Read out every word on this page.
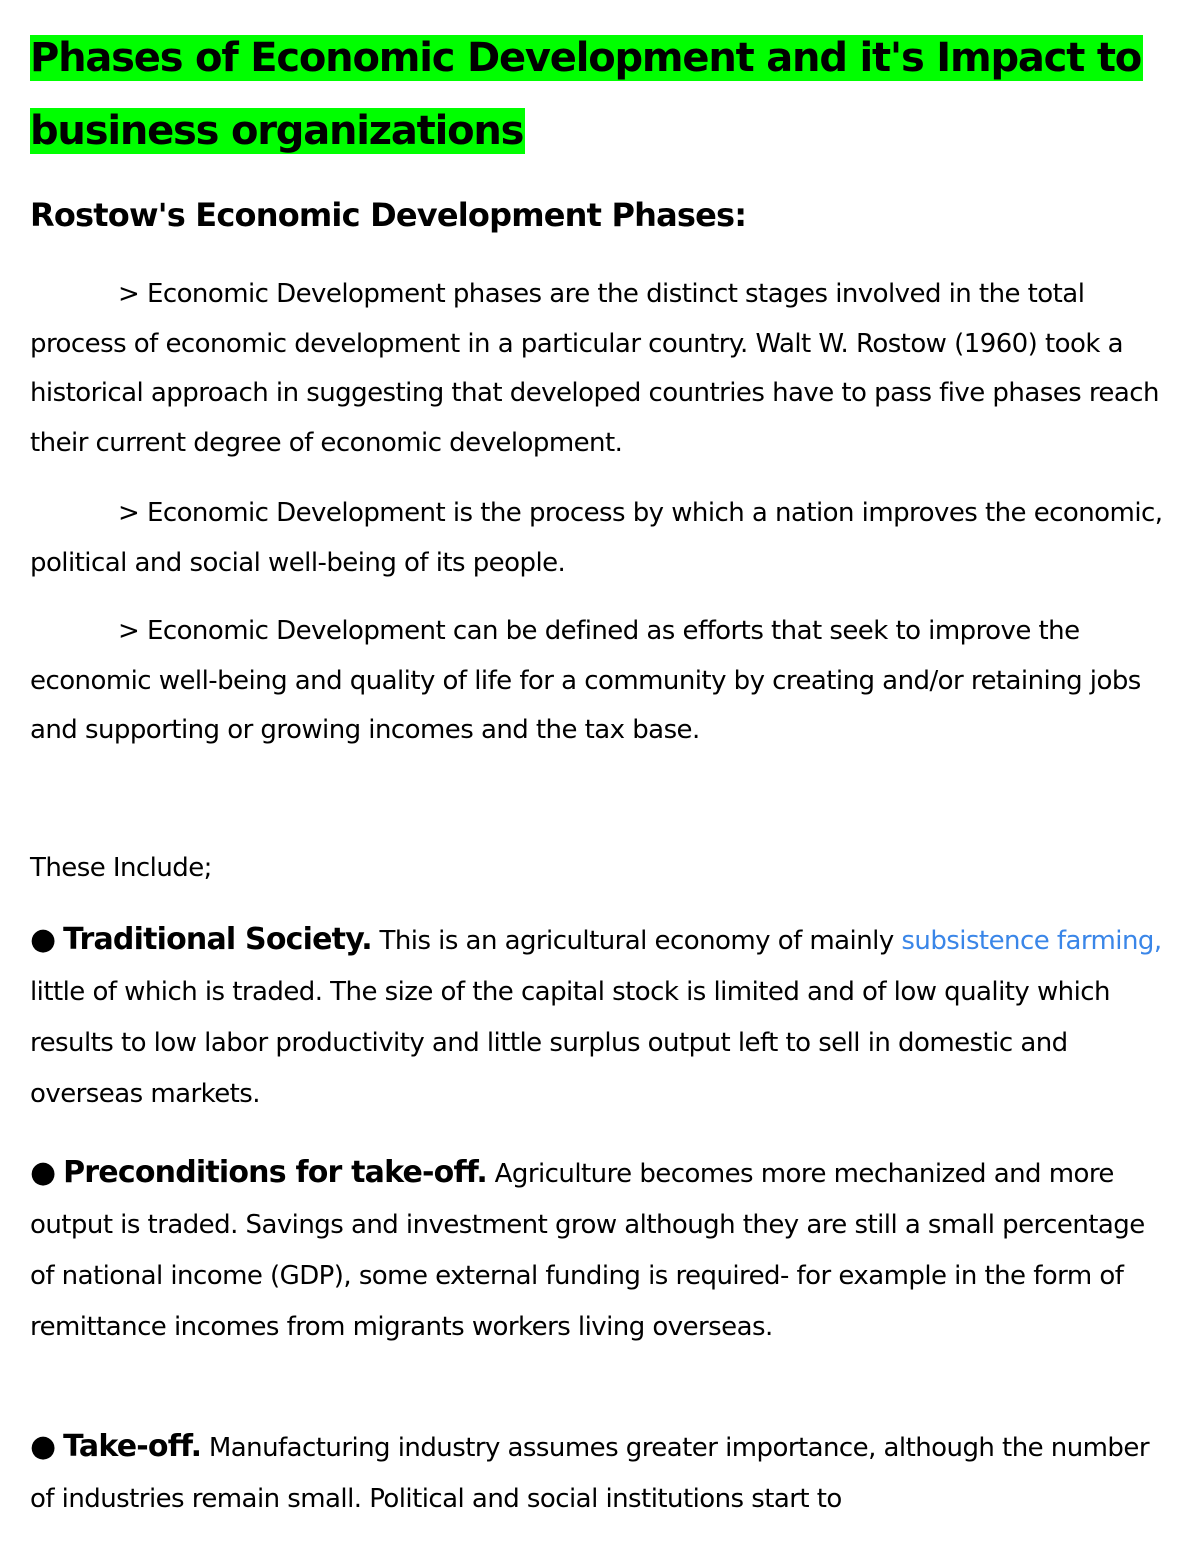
Phases of Economic Development and it's Impact to business organizations
Rostow's Economic Development Phases:

> Economic Development phases are the distinct stages involved in the total process of economic development in a particular country. Walt W. Rostow (1960) took a historical approach in suggesting that developed countries have to pass five phases reach their current degree of economic development.

> Economic Development is the process by which a nation improves the economic, political and social well-being of its people.

> Economic Development can be defined as efforts that seek to improve the economic well-being and quality of life for a community by creating and/or retaining jobs and supporting or growing incomes and the tax base.

These Include;

● Traditional Society. This is an agricultural economy of mainly subsistence farming, little of which is traded. The size of the capital stock is limited and of low quality which results to low labor productivity and little surplus output left to sell in domestic and overseas markets.

● Preconditions for take-off. Agriculture becomes more mechanized and more output is traded. Savings and investment grow although they are still a small percentage of national income (GDP), some external funding is required- for example in the form of remittance incomes from migrants workers living overseas.

● Take-off. Manufacturing industry assumes greater importance, although the number of industries remain small. Political and social institutions start to
